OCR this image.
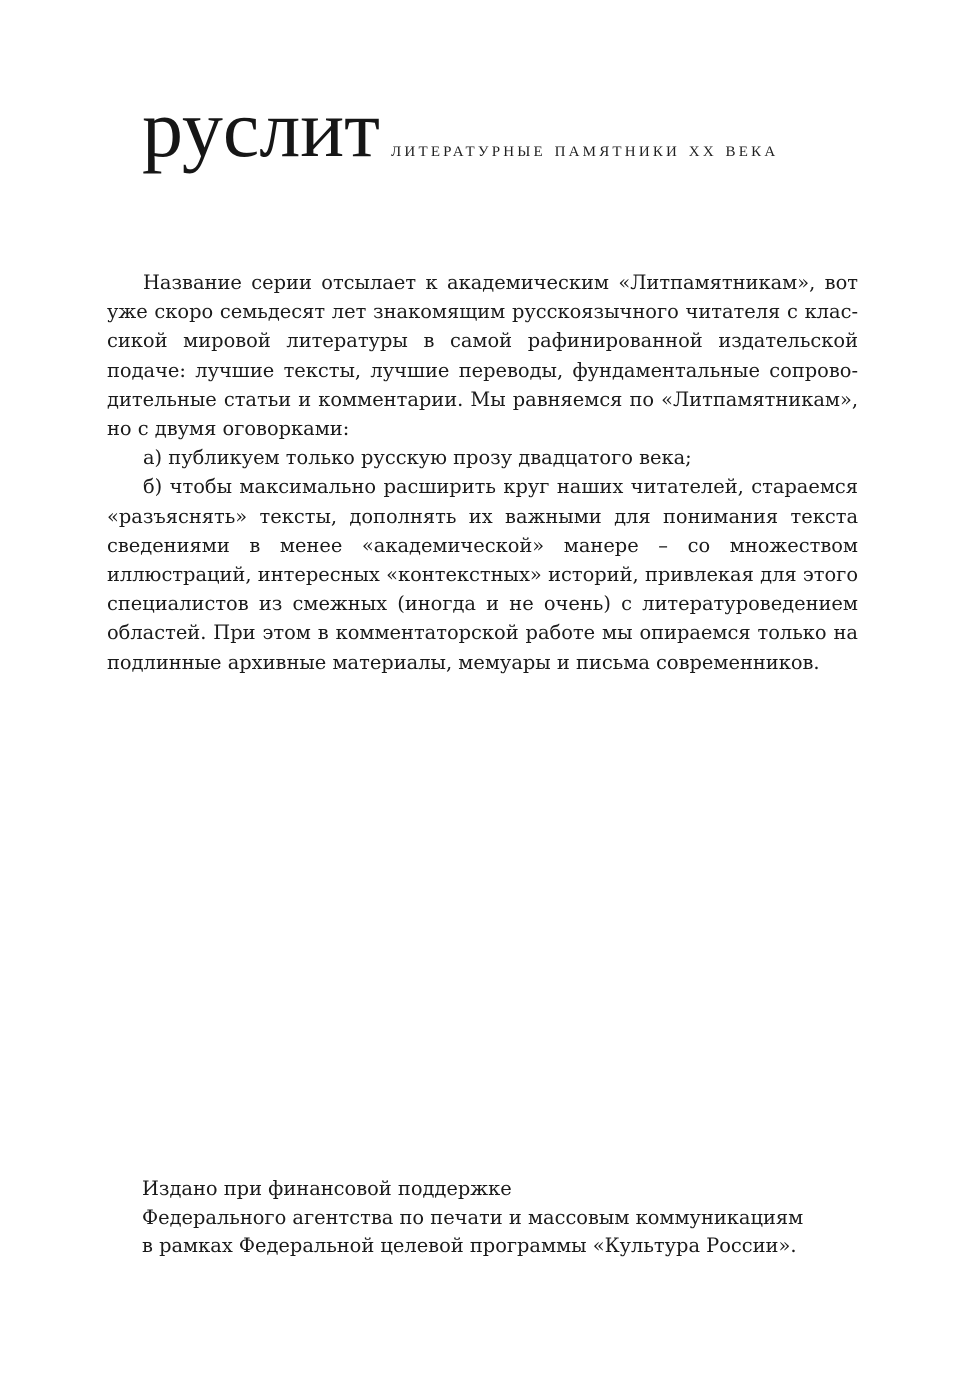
руслит литературные памятники xx века

Название серии отсылает к академическим «Литпамятникам», вот уже скоро семьдесят лет знакомящим русскоязычного читателя с классикой мировой литературы в самой рафинированной издательской подаче: лучшие тексты, лучшие переводы, фундаментальные сопроводительные статьи и комментарии. Мы равняемся по «Литпамятникам», но с двумя оговорками:

а) публикуем только русскую прозу двадцатого века;

б) чтобы максимально расширить круг наших читателей, стараемся «разъяснять» тексты, дополнять их важными для понимания текста сведениями в менее «академической» манере – со множеством иллюстраций, интересных «контекстных» историй, привлекая для этого специалистов из смежных (иногда и не очень) с литературоведением областей. При этом в комментаторской работе мы опираемся только на подлинные архивные материалы, мемуары и письма современников.

Издано при финансовой поддержке
Федерального агентства по печати и массовым коммуникациям
в рамках Федеральной целевой программы «Культура России».
